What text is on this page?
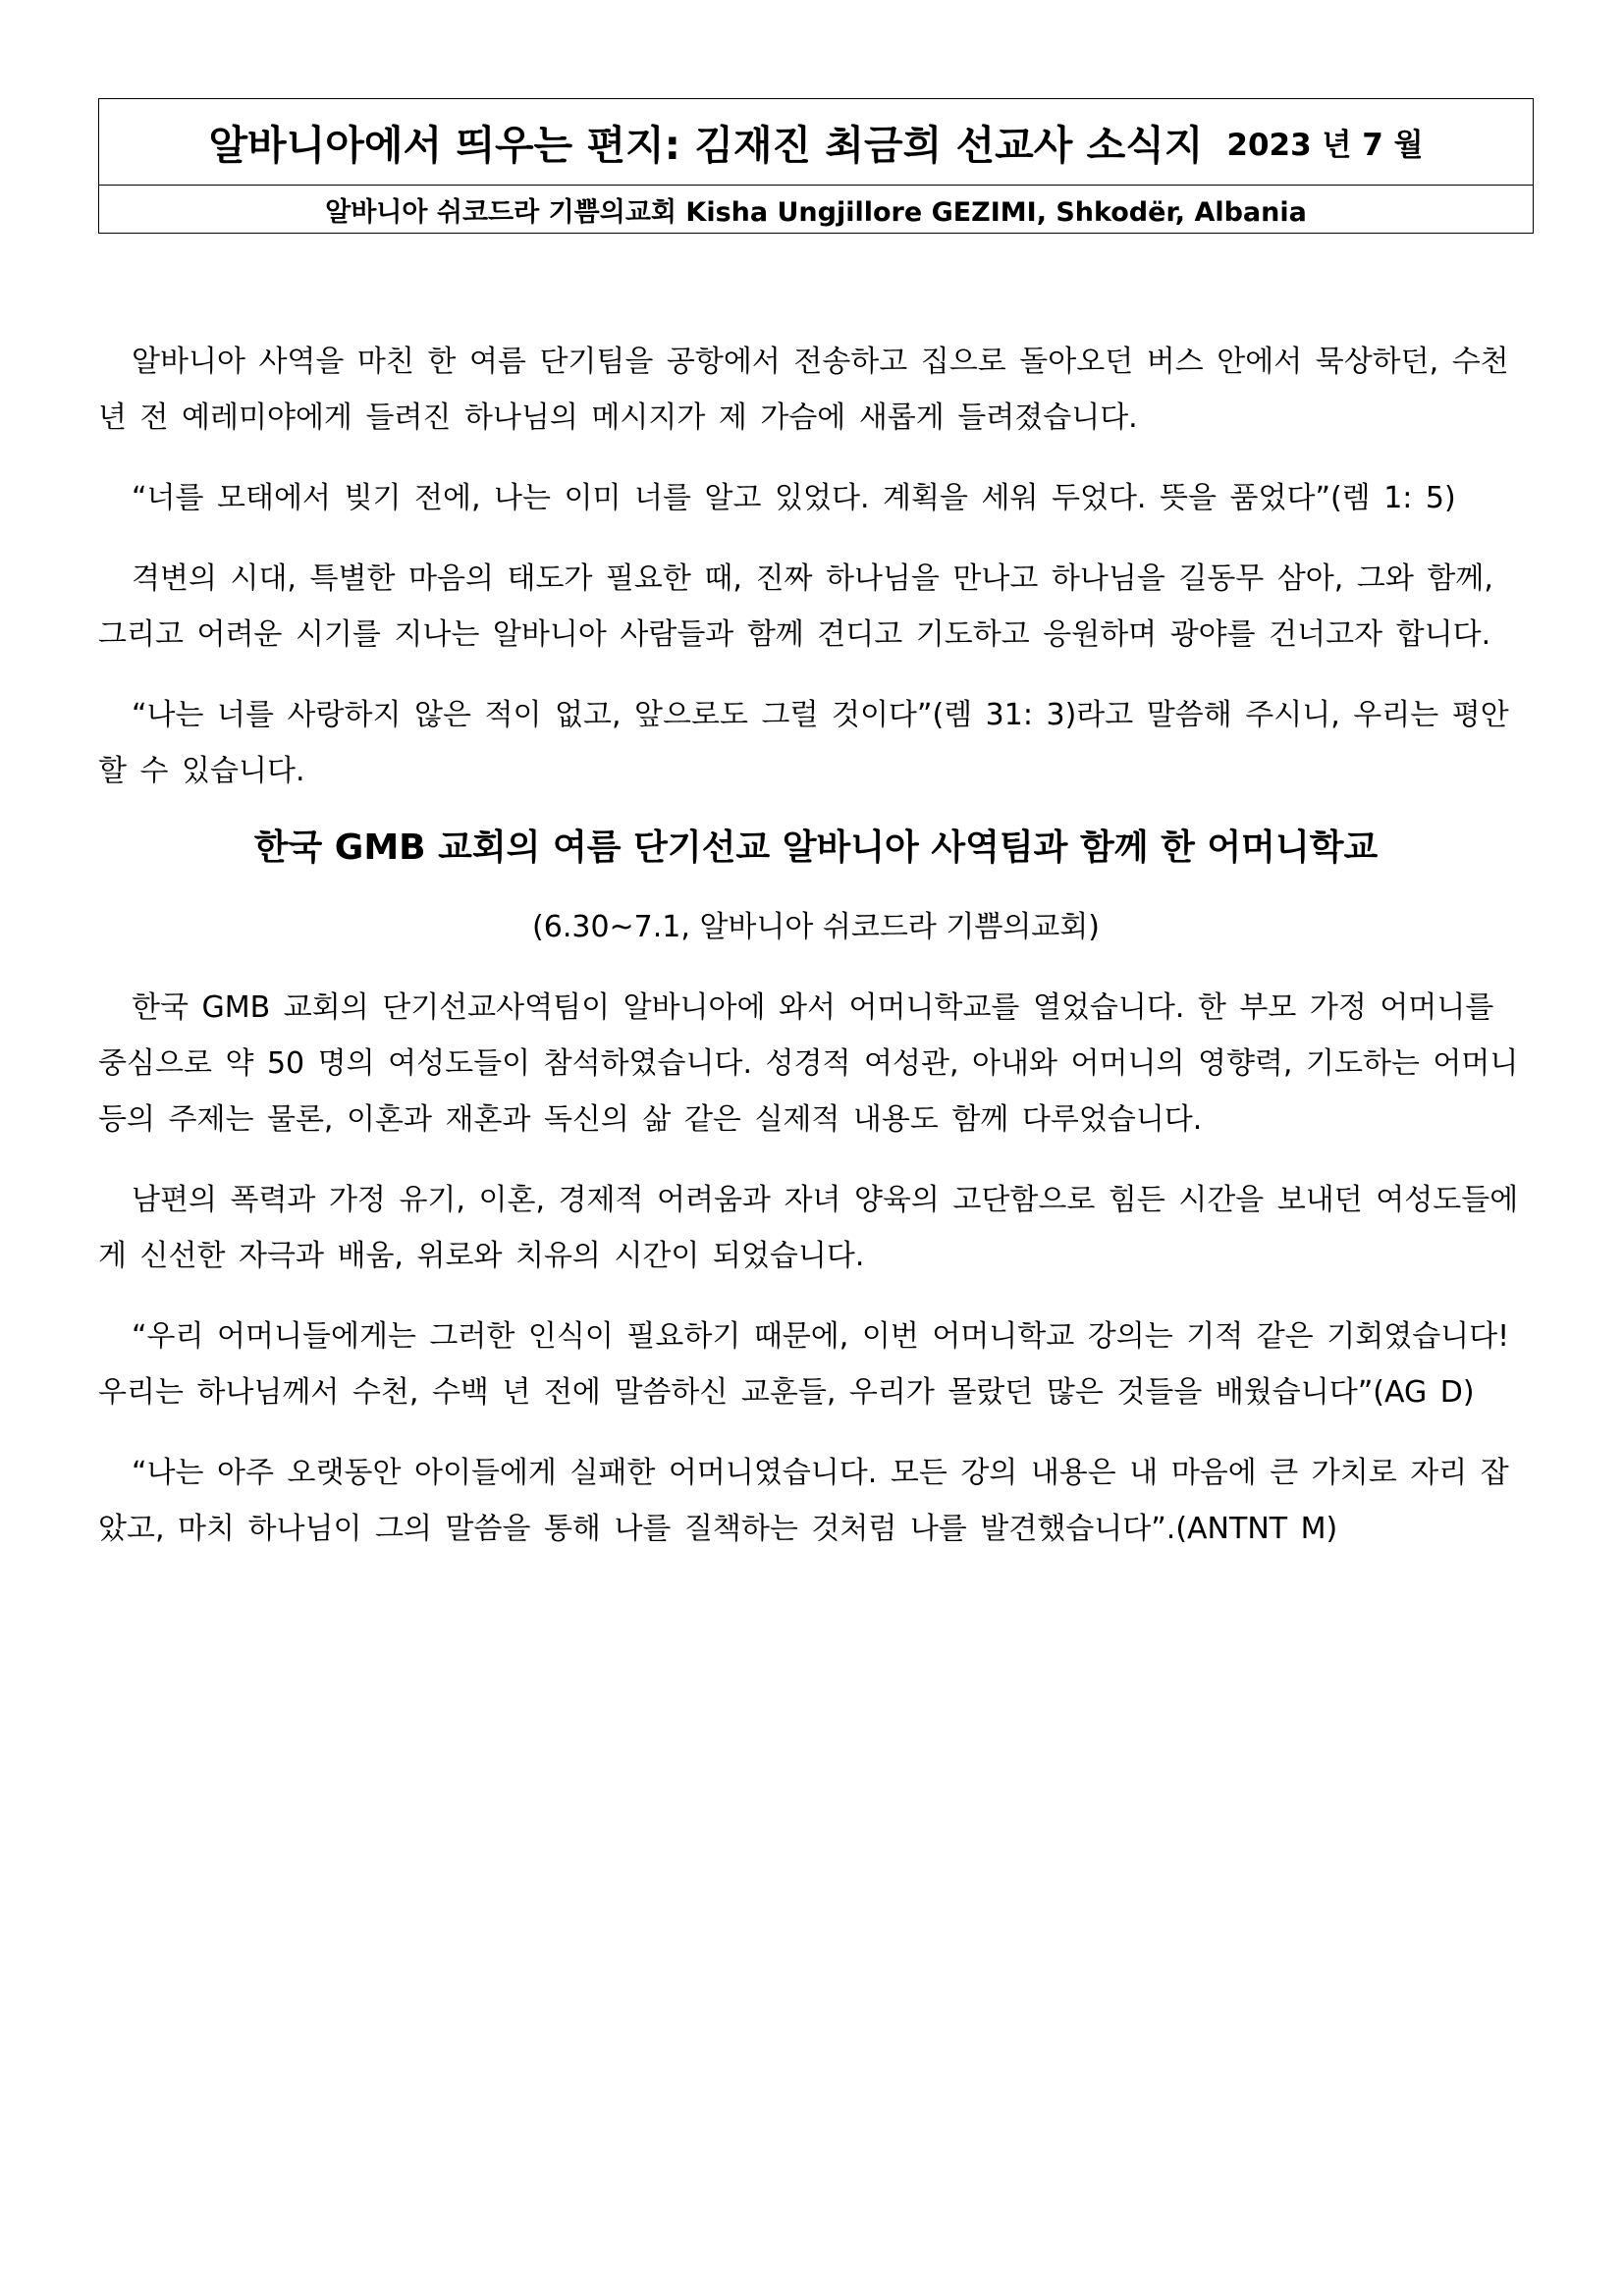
알바니아에서 띄우는 편지: 김재진 최금희 선교사 소식지 2023 년 7 월
알바니아 쉬코드라 기쁨의교회 Kisha Ungjillore GEZIMI, Shkodër, Albania

알바니아 사역을 마친 한 여름 단기팀을 공항에서 전송하고 집으로 돌아오던 버스 안에서 묵상하던, 수천 년 전 예레미야에게 들려진 하나님의 메시지가 제 가슴에 새롭게 들려졌습니다.

“너를 모태에서 빚기 전에, 나는 이미 너를 알고 있었다. 계획을 세워 두었다. 뜻을 품었다”(렘 1: 5)

격변의 시대, 특별한 마음의 태도가 필요한 때, 진짜 하나님을 만나고 하나님을 길동무 삼아, 그와 함께, 그리고 어려운 시기를 지나는 알바니아 사람들과 함께 견디고 기도하고 응원하며 광야를 건너고자 합니다.

“나는 너를 사랑하지 않은 적이 없고, 앞으로도 그럴 것이다”(렘 31: 3)라고 말씀해 주시니, 우리는 평안할 수 있습니다.

한국 GMB 교회의 여름 단기선교 알바니아 사역팀과 함께 한 어머니학교
(6.30~7.1, 알바니아 쉬코드라 기쁨의교회)

한국 GMB 교회의 단기선교사역팀이 알바니아에 와서 어머니학교를 열었습니다. 한 부모 가정 어머니를 중심으로 약 50 명의 여성도들이 참석하였습니다. 성경적 여성관, 아내와 어머니의 영향력, 기도하는 어머니 등의 주제는 물론, 이혼과 재혼과 독신의 삶 같은 실제적 내용도 함께 다루었습니다.

남편의 폭력과 가정 유기, 이혼, 경제적 어려움과 자녀 양육의 고단함으로 힘든 시간을 보내던 여성도들에게 신선한 자극과 배움, 위로와 치유의 시간이 되었습니다.

“우리 어머니들에게는 그러한 인식이 필요하기 때문에, 이번 어머니학교 강의는 기적 같은 기회였습니다! 우리는 하나님께서 수천, 수백 년 전에 말씀하신 교훈들, 우리가 몰랐던 많은 것들을 배웠습니다”(AG D)

“나는 아주 오랫동안 아이들에게 실패한 어머니였습니다. 모든 강의 내용은 내 마음에 큰 가치로 자리 잡았고, 마치 하나님이 그의 말씀을 통해 나를 질책하는 것처럼 나를 발견했습니다”.(ANTNT M)
